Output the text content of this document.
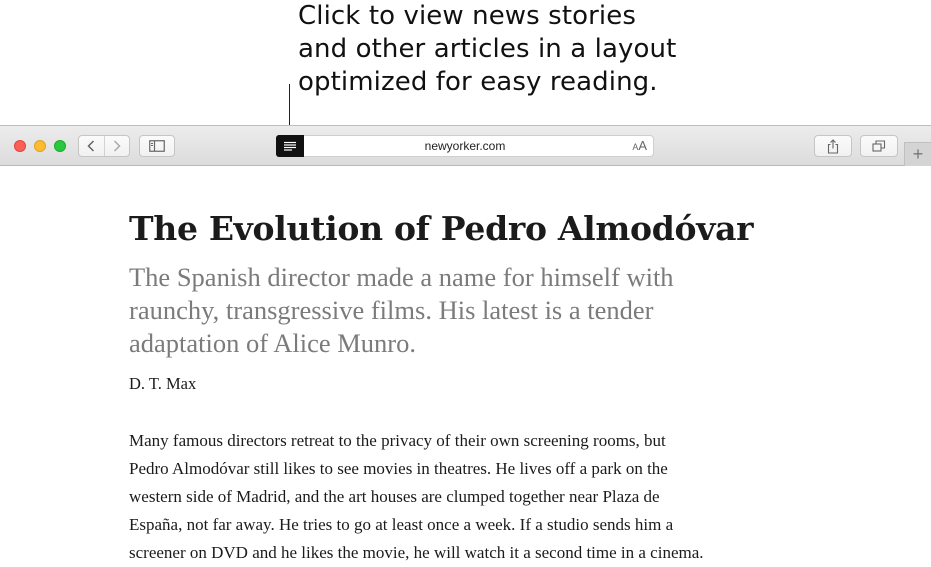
Click to view news stories
and other articles in a layout
optimized for easy reading.
newyorker.com	AA	+
The Evolution of Pedro Almodóvar

The Spanish director made a name for himself with raunchy, transgressive films. His latest is a tender adaptation of Alice Munro.

D. T. Max

Many famous directors retreat to the privacy of their own screening rooms, but
Pedro Almodóvar still likes to see movies in theatres. He lives off a park on the
western side of Madrid, and the art houses are clumped together near Plaza de
España, not far away. He tries to go at least once a week. If a studio sends him a
screener on DVD and he likes the movie, he will watch it a second time in a cinema.
